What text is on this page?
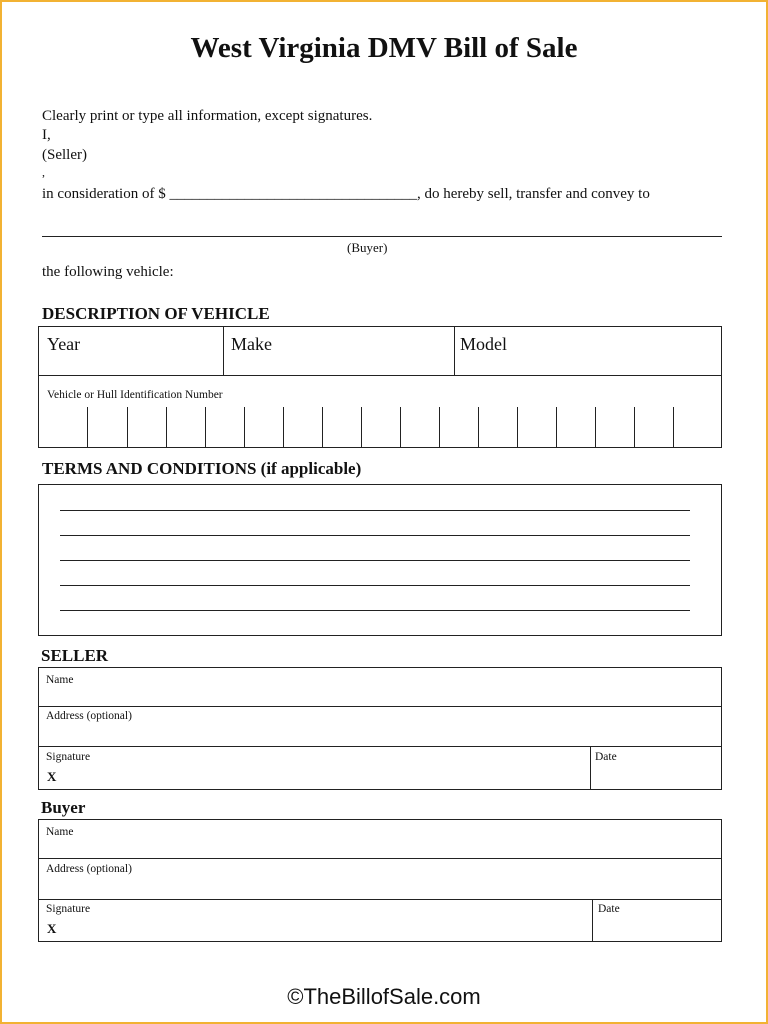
West Virginia DMV Bill of Sale
Clearly print or type all information, except signatures.
I,
(Seller)
,
in consideration of $ _________________________________, do hereby sell, transfer and convey to
(Buyer)
the following vehicle:
DESCRIPTION OF VEHICLE
Year	Make	Model
Vehicle or Hull Identification Number
TERMS AND CONDITIONS (if applicable)
SELLER
Name
Address (optional)
Signature
X
Date
Buyer
Name
Address (optional)
Signature
X
Date
©TheBillofSale.com
